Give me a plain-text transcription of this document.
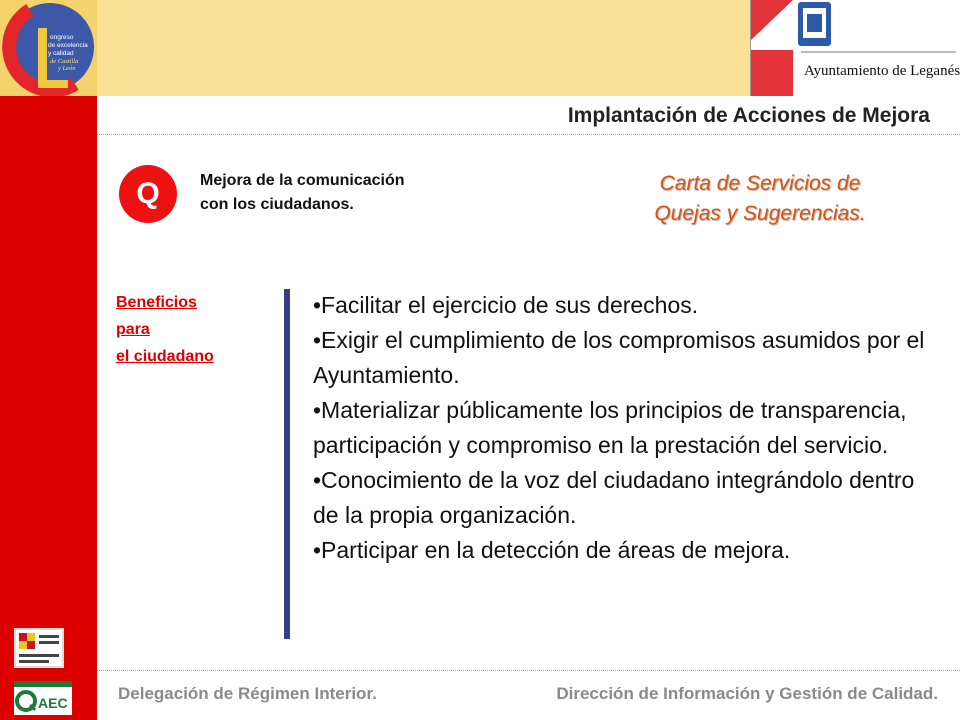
ongreso
de excelencia
y calidad
de Castilla
y León	Ayuntamiento de Leganés
Implantación de Acciones de Mejora
Q	Mejora de la comunicación
con los ciudadanos.
Carta de Servicios de
Quejas y Sugerencias.
Beneficios
para
el ciudadano
•Facilitar el ejercicio de sus derechos.
•Exigir el cumplimiento de los compromisos asumidos por el Ayuntamiento.
•Materializar públicamente los principios de transparencia, participación y compromiso en la prestación del servicio.
•Conocimiento de la voz del ciudadano integrándolo dentro de la propia organización.
•Participar en la detección de áreas de mejora.
AEC	Delegación de Régimen Interior.	Dirección de Información y Gestión de Calidad.
